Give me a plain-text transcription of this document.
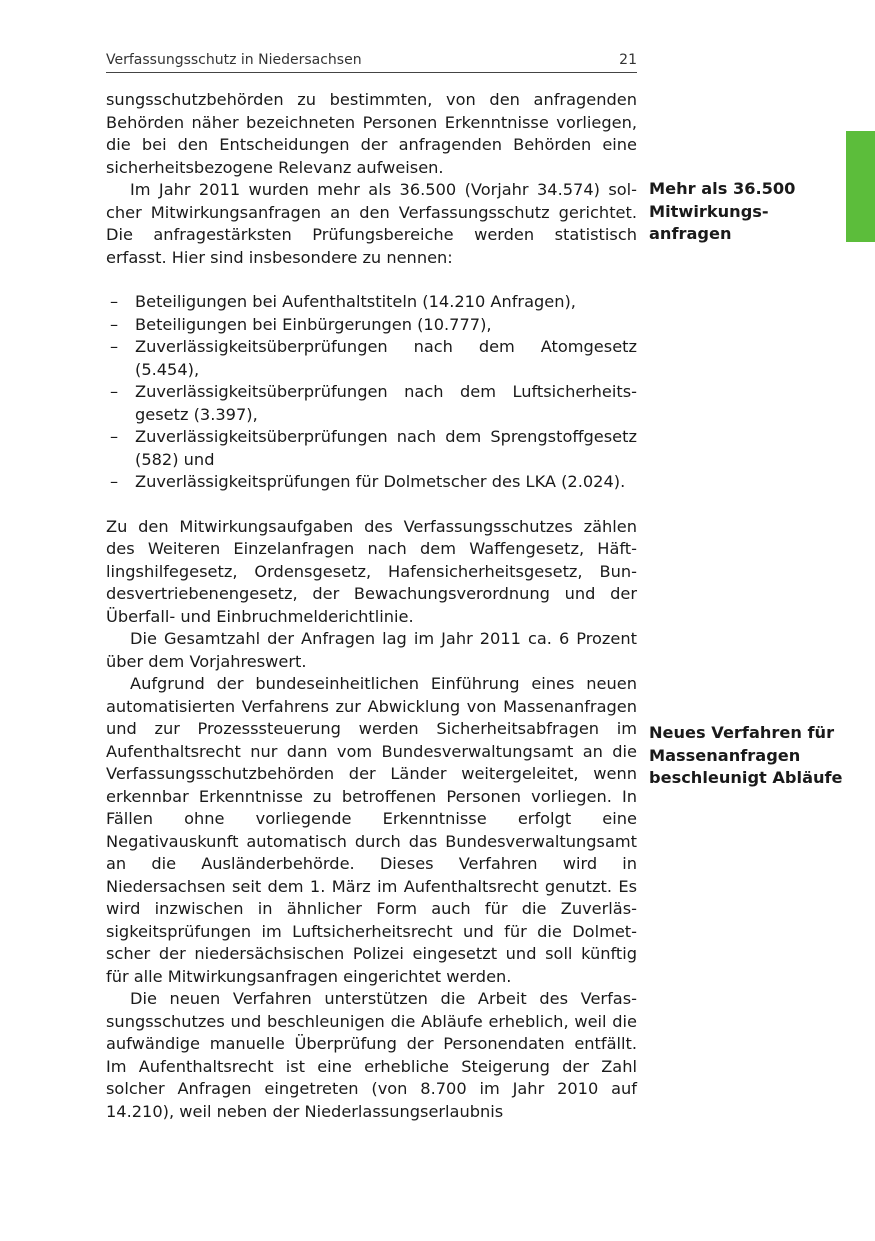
Verfassungsschutz in Niedersachsen	21

sungsschutzbehörden zu bestimmten, von den anfragenden Behörden näher bezeichneten Personen Erkenntnisse vorliegen, die bei den Entscheidungen der anfragenden Behörden eine sicherheitsbezogene Relevanz aufweisen.

Im Jahr 2011 wurden mehr als 36.500 (Vorjahr 34.574) solcher Mitwirkungsanfragen an den Verfassungsschutz gerichtet. Die anfragestärksten Prüfungsbereiche werden statistisch erfasst. Hier sind insbesondere zu nennen:

– Beteiligungen bei Aufenthaltstiteln (14.210 Anfragen),
– Beteiligungen bei Einbürgerungen (10.777),
– Zuverlässigkeitsüberprüfungen nach dem Atomgesetz (5.454),
– Zuverlässigkeitsüberprüfungen nach dem Luftsicherheitsgesetz (3.397),
– Zuverlässigkeitsüberprüfungen nach dem Sprengstoffgesetz (582) und
– Zuverlässigkeitsprüfungen für Dolmetscher des LKA (2.024).

Zu den Mitwirkungsaufgaben des Verfassungsschutzes zählen des Weiteren Einzelanfragen nach dem Waffengesetz, Häftlingshilfegesetz, Ordensgesetz, Hafensicherheitsgesetz, Bundesvertriebenengesetz, der Bewachungsverordnung und der Überfall- und Einbruchmelderichtlinie.

Die Gesamtzahl der Anfragen lag im Jahr 2011 ca. 6 Prozent über dem Vorjahreswert.

Aufgrund der bundeseinheitlichen Einführung eines neuen automatisierten Verfahrens zur Abwicklung von Massenanfragen und zur Prozesssteuerung werden Sicherheitsabfragen im Aufenthaltsrecht nur dann vom Bundesverwaltungsamt an die Verfassungsschutzbehörden der Länder weitergeleitet, wenn erkennbar Erkenntnisse zu betroffenen Personen vorliegen. In Fällen ohne vorliegende Erkenntnisse erfolgt eine Negativauskunft automatisch durch das Bundesverwaltungsamt an die Ausländerbehörde. Dieses Verfahren wird in Niedersachsen seit dem 1. März im Aufenthaltsrecht genutzt. Es wird inzwischen in ähnlicher Form auch für die Zuverlässigkeitsprüfungen im Luftsicherheitsrecht und für die Dolmetscher der niedersächsischen Polizei eingesetzt und soll künftig für alle Mitwirkungsanfragen eingerichtet werden.

Die neuen Verfahren unterstützen die Arbeit des Verfassungsschutzes und beschleunigen die Abläufe erheblich, weil die aufwändige manuelle Überprüfung der Personendaten entfällt. Im Aufenthaltsrecht ist eine erhebliche Steigerung der Zahl solcher Anfragen eingetreten (von 8.700 im Jahr 2010 auf 14.210), weil neben der Niederlassungserlaubnis

Mehr als 36.500
Mitwirkungs-
anfragen
Neues Verfahren für
Massenanfragen
beschleunigt Abläufe
